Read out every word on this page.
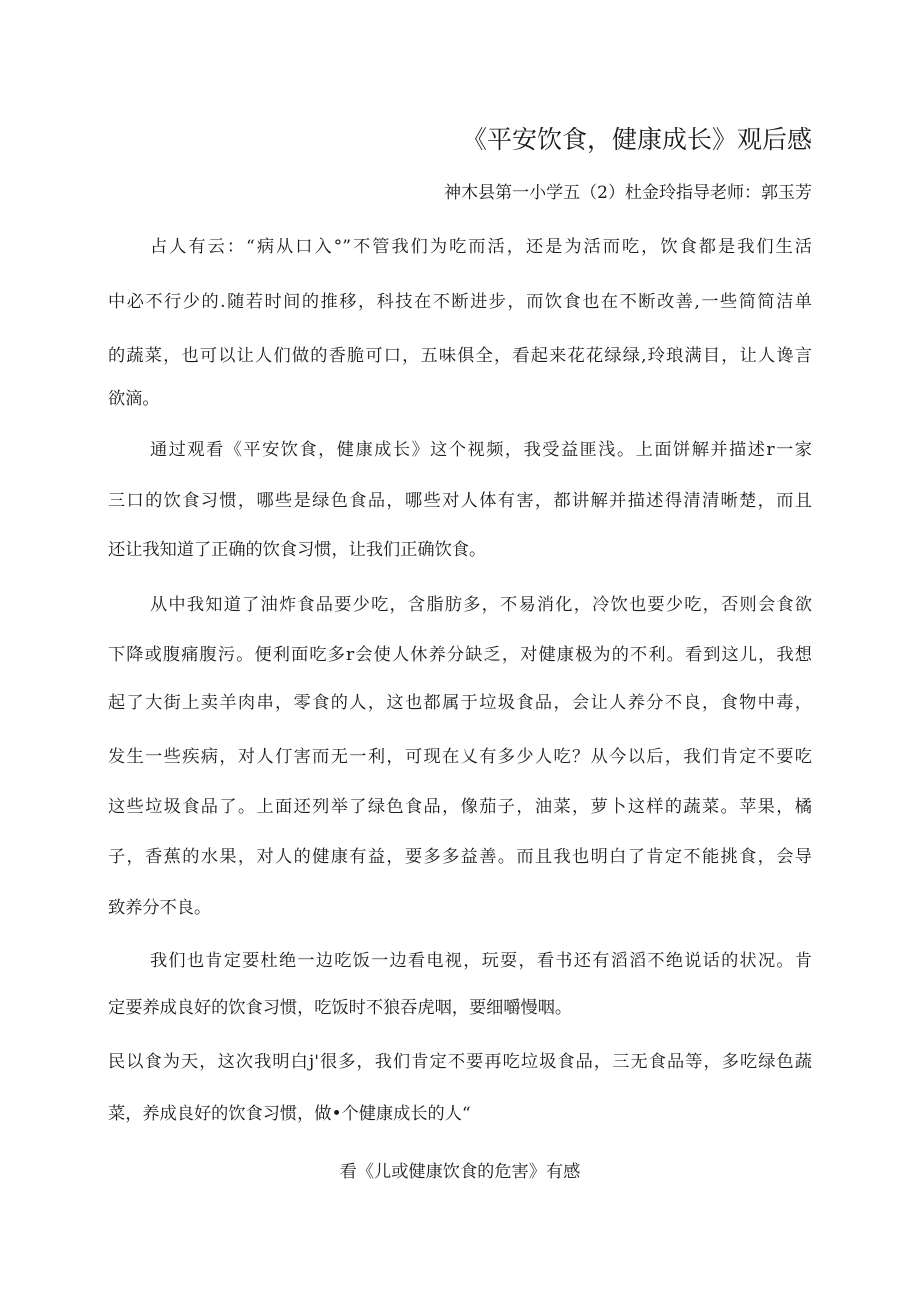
《平安饮食，健康成长》观后感

神木县第一小学五（2）杜金玲指导老师：郭玉芳

占人有云：“病从口入°”不管我们为吃而活，还是为活而吃，饮食都是我们生活

中必不行少的.随若时间的推移，科技在不断进步，而饮食也在不断改善,一些简简洁单

的蔬菜，也可以让人们做的香脆可口，五味俱全，看起来花花绿绿,玲琅满目，让人谗言

欲滴。

通过观看《平安饮食，健康成长》这个视频，我受益匪浅。上面饼解并描述r一家

三口的饮食习惯，哪些是绿色食品，哪些对人体有害，都讲解并描述得清清晰楚，而且

还让我知道了正确的饮食习惯，让我们正确饮食。

从中我知道了油炸食品要少吃，含脂肪多，不易消化，冷饮也要少吃，否则会食欲

下降或腹痛腹污。便利面吃多r会使人休养分缺乏，对健康极为的不利。看到这儿，我想

起了大街上卖羊肉串，零食的人，这也都属于垃圾食品，会让人养分不良，食物中毒，

发生一些疾病，对人仃害而无一利，可现在乂有多少人吃？从今以后，我们肯定不要吃

这些垃圾食品了。上面还列举了绿色食品，像茄子，油菜，萝卜这样的蔬菜。苹果，橘

子，香蕉的水果，对人的健康有益，要多多益善。而且我也明白了肯定不能挑食，会导

致养分不良。

我们也肯定要杜绝一边吃饭一边看电视，玩耍，看书还有滔滔不绝说话的状况。肯

定要养成良好的饮食习惯，吃饭时不狼吞虎咽，要细嚼慢咽。

民以食为天，这次我明白j'很多，我们肯定不要再吃垃圾食品，三无食品等，多吃绿色蔬

菜，养成良好的饮食习惯，做•个健康成长的人“

看《儿或健康饮食的危害》有感
